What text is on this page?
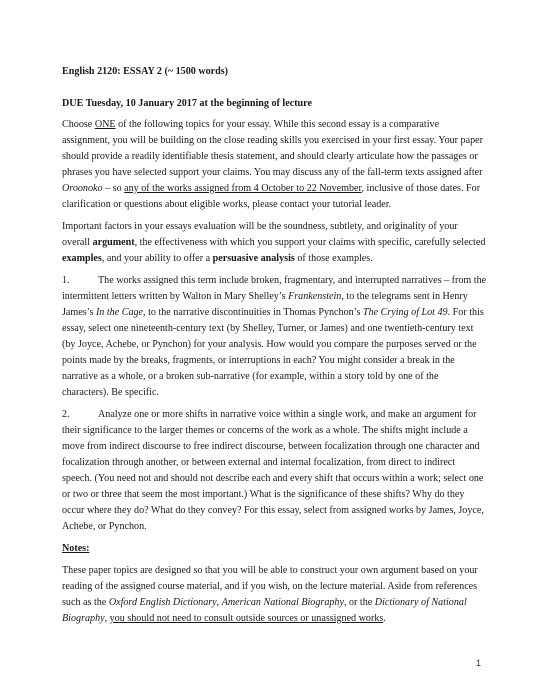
English 2120: ESSAY 2 (~ 1500 words)
DUE Tuesday, 10 January 2017 at the beginning of lecture

Choose ONE of the following topics for your essay. While this second essay is a comparative assignment, you will be building on the close reading skills you exercised in your first essay. Your paper should provide a readily identifiable thesis statement, and should clearly articulate how the passages or phrases you have selected support your claims. You may discuss any of the fall-term texts assigned after Oroonoko – so any of the works assigned from 4 October to 22 November, inclusive of those dates. For clarification or questions about eligible works, please contact your tutorial leader.

Important factors in your essays evaluation will be the soundness, subtlety, and originality of your overall argument, the effectiveness with which you support your claims with specific, carefully selected examples, and your ability to offer a persuasive analysis of those examples.

1.	The works assigned this term include broken, fragmentary, and interrupted narratives – from the intermittent letters written by Walton in Mary Shelley’s Frankenstein, to the telegrams sent in Henry James’s In the Cage, to the narrative discontinuities in Thomas Pynchon’s The Crying of Lot 49. For this essay, select one nineteenth-century text (by Shelley, Turner, or James) and one twentieth-century text (by Joyce, Achebe, or Pynchon) for your analysis. How would you compare the purposes served or the points made by the breaks, fragments, or interruptions in each? You might consider a break in the narrative as a whole, or a broken sub-narrative (for example, within a story told by one of the characters). Be specific.

2.	Analyze one or more shifts in narrative voice within a single work, and make an argument for their significance to the larger themes or concerns of the work as a whole. The shifts might include a move from indirect discourse to free indirect discourse, between focalization through one character and focalization through another, or between external and internal focalization, from direct to indirect speech. (You need not and should not describe each and every shift that occurs within a work; select one or two or three that seem the most important.) What is the significance of these shifts? Why do they occur where they do? What do they convey? For this essay, select from assigned works by James, Joyce, Achebe, or Pynchon.

Notes:

These paper topics are designed so that you will be able to construct your own argument based on your reading of the assigned course material, and if you wish, on the lecture material. Aside from references such as the Oxford English Dictionary, American National Biography, or the Dictionary of National Biography, you should not need to consult outside sources or unassigned works.

1
